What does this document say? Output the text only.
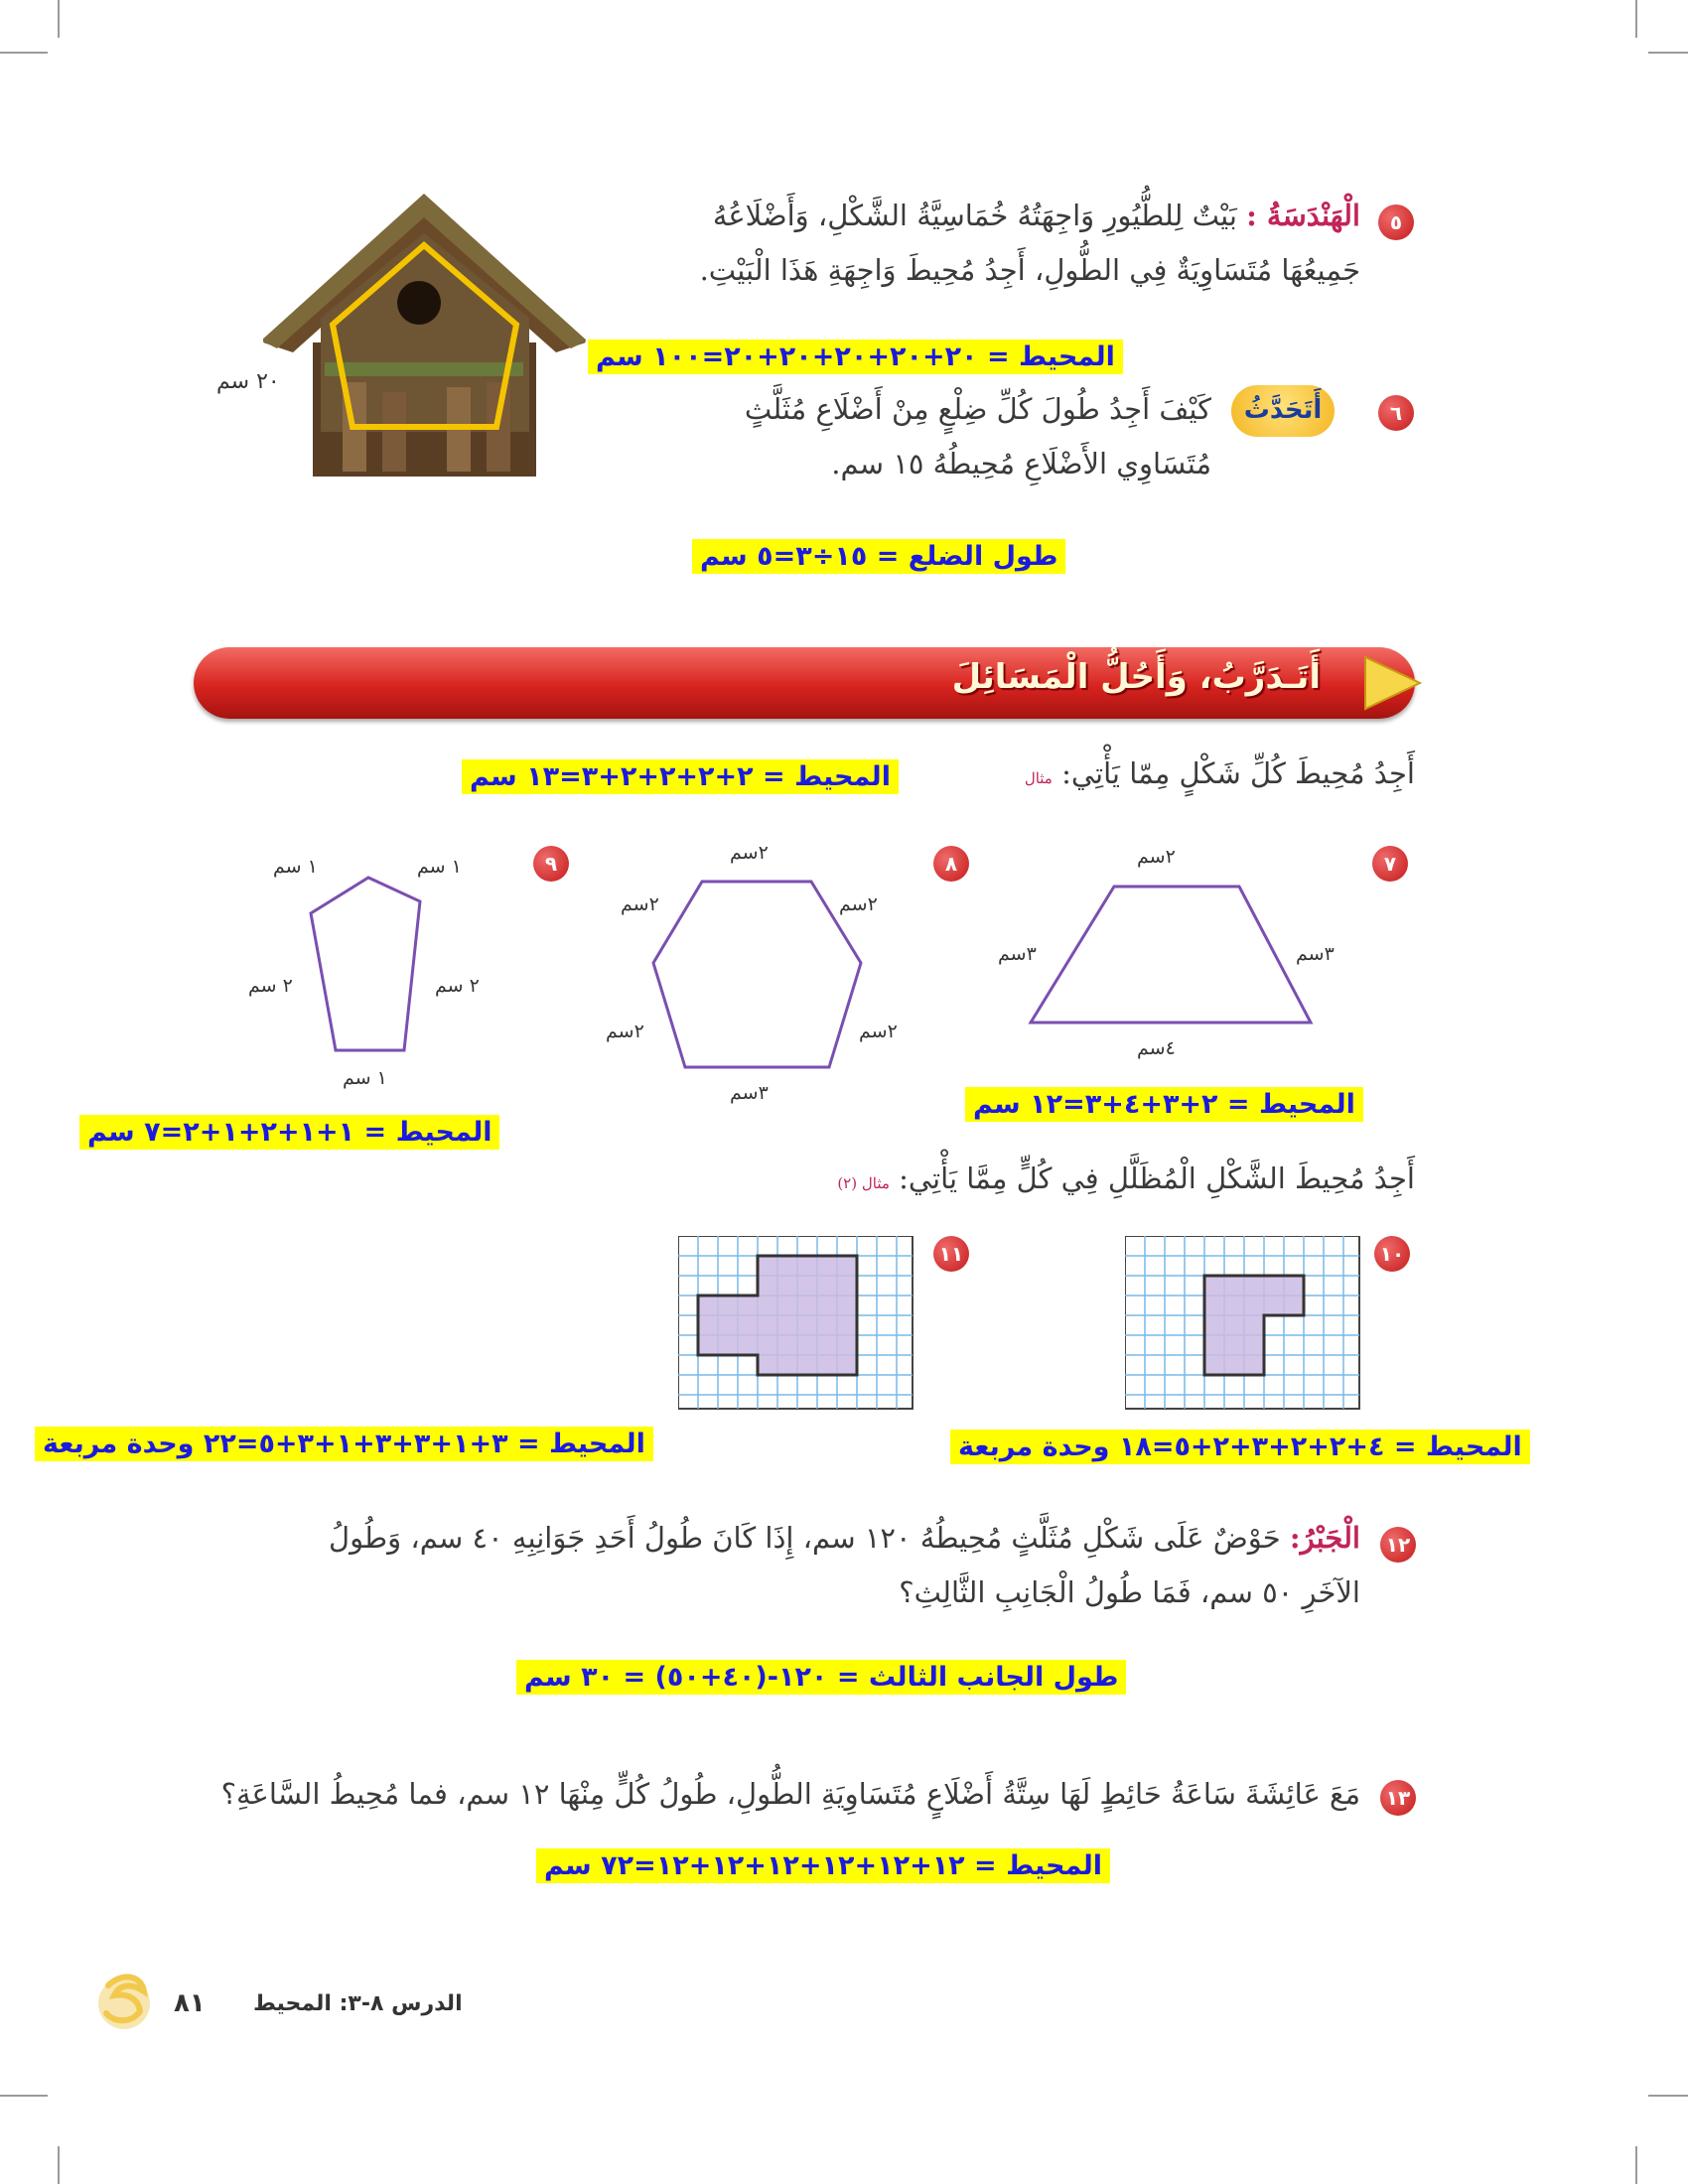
٥
الْهَنْدَسَةُ : بَيْتٌ لِلطُّيُورِ وَاجِهَتُهُ خُمَاسِيَّةُ الشَّكْلِ، وَأَضْلَاعُهُ
جَمِيعُهَا مُتَسَاوِيَةٌ فِي الطُّولِ، أَجِدُ مُحِيطَ وَاجِهَةِ هَذَا الْبَيْتِ.
المحيط = ٢٠+٢٠+٢٠+٢٠+٢٠=١٠٠ سم
٢٠ سم
٦
أَتَحَدَّثُ
كَيْفَ أَجِدُ طُولَ كُلِّ ضِلْعٍ مِنْ أَضْلَاعِ مُثَلَّثٍ
مُتَسَاوِي الأَضْلَاعِ مُحِيطُهُ ١٥ سم.
طول الضلع = ١٥÷٣=٥ سم
أَتَـدَرَّبُ، وَأَحُلُّ الْمَسَائِلَ
أَجِدُ مُحِيطَ كُلِّ شَكْلٍ مِمّا يَأْتِي: مثال
المحيط = ٢+٢+٢+٢+٣=١٣ سم
٧
٢سم
٣سم	٣سم
٤سم
المحيط = ٢+٣+٤+٣=١٢ سم
٨
٢سم
٢سم	٢سم
٢سم	٢سم
٣سم
٩
١ سم	١ سم
٢ سم	٢ سم
١ سم
المحيط = ١+١+٢+١+٢=٧ سم
أَجِدُ مُحِيطَ الشَّكْلِ الْمُظَلَّلِ فِي كُلٍّ مِمَّا يَأْتِي: مثال (٢)
١٠
المحيط = ٤+٢+٢+٣+٢+٥=١٨ وحدة مربعة
١١
المحيط = ٣+١+٣+٣+١+٣+٥=٢٢ وحدة مربعة
١٢
الْجَبْرُ: حَوْضٌ عَلَى شَكْلِ مُثَلَّثٍ مُحِيطُهُ ١٢٠ سم، إِذَا كَانَ طُولُ أَحَدِ جَوَانِبِهِ ٤٠ سم، وَطُولُ
الآخَرِ ٥٠ سم، فَمَا طُولُ الْجَانِبِ الثَّالِثِ؟
طول الجانب الثالث = ١٢٠-(٤٠+٥٠) = ٣٠ سم
١٣
مَعَ عَائِشَةَ سَاعَةُ حَائِطٍ لَهَا سِتَّةُ أَضْلَاعٍ مُتَسَاوِيَةِ الطُّولِ، طُولُ كُلٍّ مِنْهَا ١٢ سم، فما مُحِيطُ السَّاعَةِ؟
المحيط = ١٢+١٢+١٢+١٢+١٢+١٢=٧٢ سم
٨١ الدرس ٨-٣: المحيط
